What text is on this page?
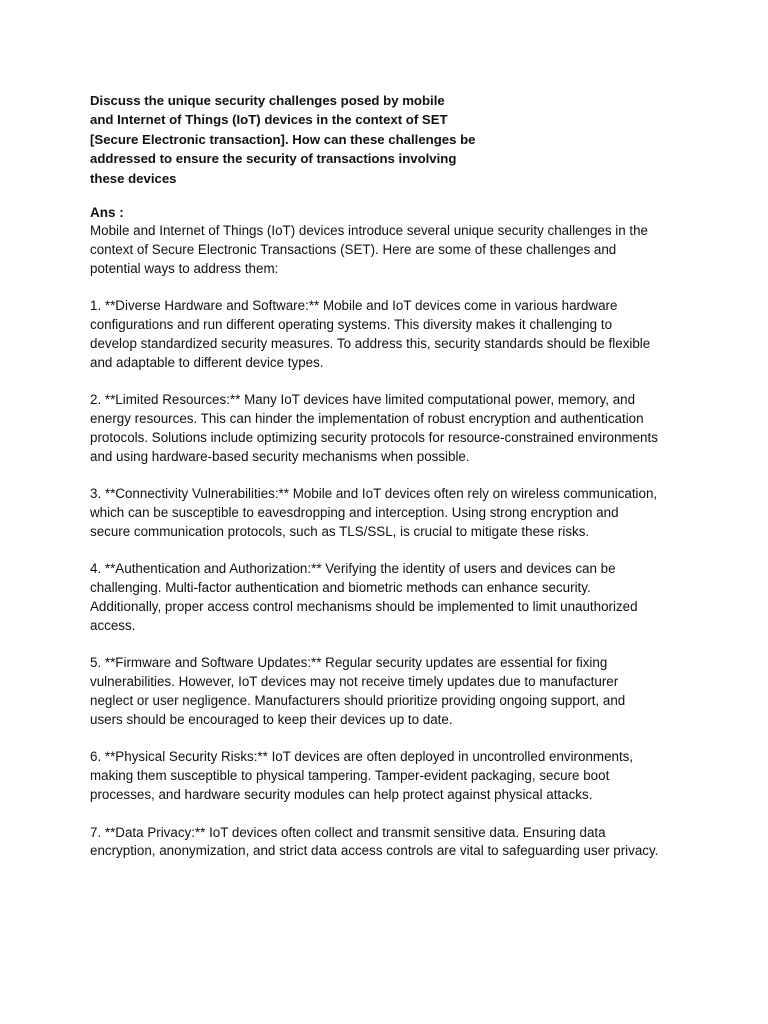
Discuss the unique security challenges posed by mobile
and Internet of Things (IoT) devices in the context of SET
[Secure Electronic transaction]. How can these challenges be
addressed to ensure the security of transactions involving
these devices
Ans :
Mobile and Internet of Things (IoT) devices introduce several unique security challenges in the
context of Secure Electronic Transactions (SET). Here are some of these challenges and
potential ways to address them:
1. **Diverse Hardware and Software:** Mobile and IoT devices come in various hardware
configurations and run different operating systems. This diversity makes it challenging to
develop standardized security measures. To address this, security standards should be flexible
and adaptable to different device types.
2. **Limited Resources:** Many IoT devices have limited computational power, memory, and
energy resources. This can hinder the implementation of robust encryption and authentication
protocols. Solutions include optimizing security protocols for resource-constrained environments
and using hardware-based security mechanisms when possible.
3. **Connectivity Vulnerabilities:** Mobile and IoT devices often rely on wireless communication,
which can be susceptible to eavesdropping and interception. Using strong encryption and
secure communication protocols, such as TLS/SSL, is crucial to mitigate these risks.
4. **Authentication and Authorization:** Verifying the identity of users and devices can be
challenging. Multi-factor authentication and biometric methods can enhance security.
Additionally, proper access control mechanisms should be implemented to limit unauthorized
access.
5. **Firmware and Software Updates:** Regular security updates are essential for fixing
vulnerabilities. However, IoT devices may not receive timely updates due to manufacturer
neglect or user negligence. Manufacturers should prioritize providing ongoing support, and
users should be encouraged to keep their devices up to date.
6. **Physical Security Risks:** IoT devices are often deployed in uncontrolled environments,
making them susceptible to physical tampering. Tamper-evident packaging, secure boot
processes, and hardware security modules can help protect against physical attacks.
7. **Data Privacy:** IoT devices often collect and transmit sensitive data. Ensuring data
encryption, anonymization, and strict data access controls are vital to safeguarding user privacy.
